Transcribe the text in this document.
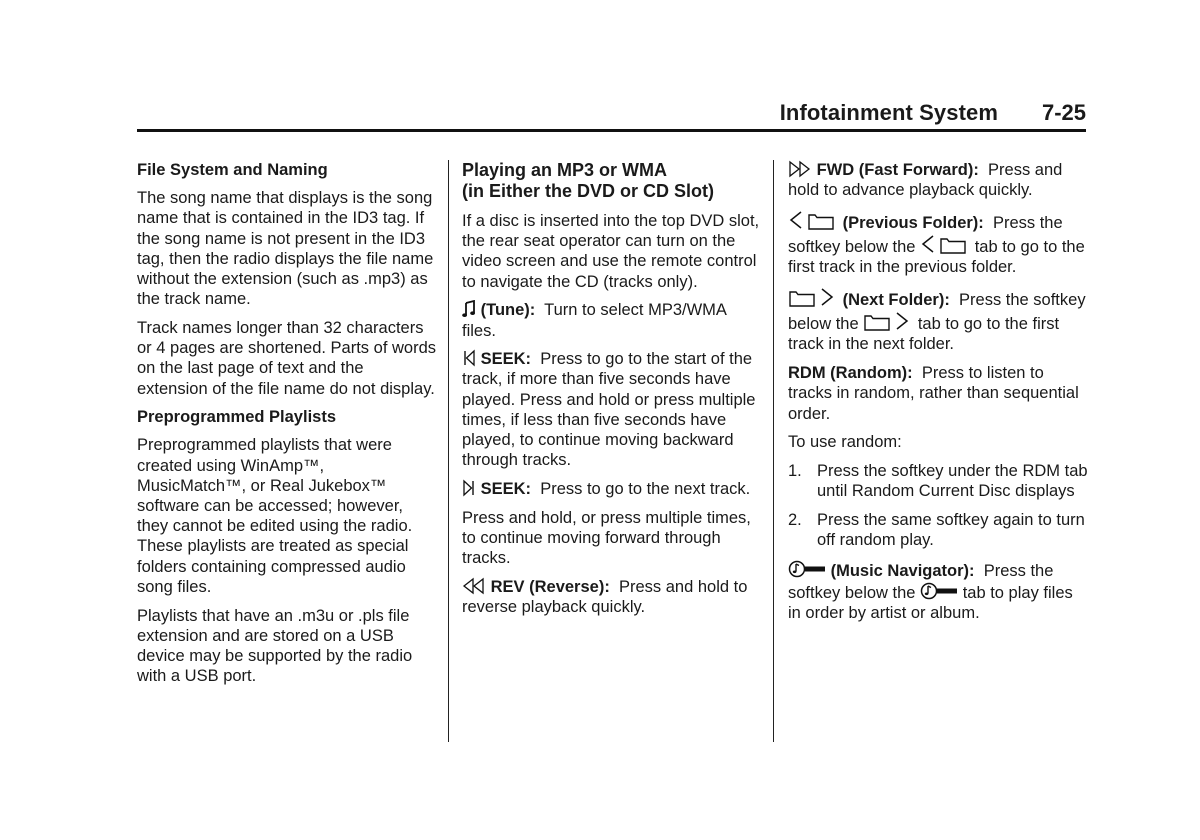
Infotainment System 7-25

File System and Naming

The song name that displays is the song name that is contained in the ID3 tag. If the song name is not present in the ID3 tag, then the radio displays the file name without the extension (such as .mp3) as the track name.

Track names longer than 32 characters or 4 pages are shortened. Parts of words on the last page of text and the extension of the file name do not display.

Preprogrammed Playlists

Preprogrammed playlists that were created using WinAmp™, MusicMatch™, or Real Jukebox™ software can be accessed; however, they cannot be edited using the radio. These playlists are treated as special folders containing compressed audio song files.

Playlists that have an .m3u or .pls file extension and are stored on a USB device may be supported by the radio with a USB port.

Playing an MP3 or WMA
(in Either the DVD or CD Slot)

If a disc is inserted into the top DVD slot, the rear seat operator can turn on the video screen and use the remote control to navigate the CD (tracks only).

(Tune): Turn to select MP3/WMA files.

SEEK: Press to go to the start of the track, if more than five seconds have played. Press and hold or press multiple times, if less than five seconds have played, to continue moving backward through tracks.

SEEK: Press to go to the next track.

Press and hold, or press multiple times, to continue moving forward through tracks.

REV (Reverse): Press and hold to reverse playback quickly.

FWD (Fast Forward): Press and hold to advance playback quickly.

(Previous Folder): Press the softkey below the	tab to go to the first track in the previous folder.

(Next Folder): Press the softkey below the	tab to go to the first track in the next folder.

RDM (Random): Press to listen to tracks in random, rather than sequential order.

To use random:

1. Press the softkey under the RDM tab until Random Current Disc displays
2. Press the same softkey again to turn off random play.

(Music Navigator): Press the softkey below the	tab to play files in order by artist or album.
